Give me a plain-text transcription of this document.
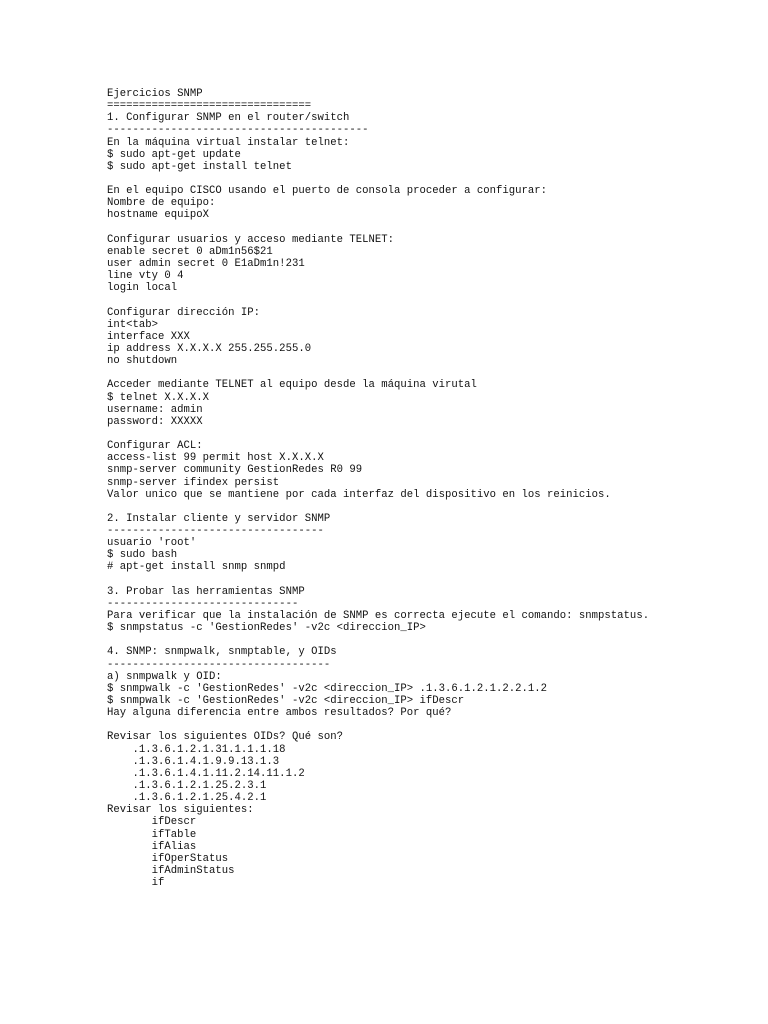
Ejercicios SNMP
================================
1. Configurar SNMP en el router/switch
-----------------------------------------
En la máquina virtual instalar telnet:
$ sudo apt-get update
$ sudo apt-get install telnet
En el equipo CISCO usando el puerto de consola proceder a configurar:
Nombre de equipo:
hostname equipoX
Configurar usuarios y acceso mediante TELNET:
enable secret 0 aDm1n56$21
user admin secret 0 E1aDm1n!231
line vty 0 4
login local
Configurar dirección IP:
int<tab>
interface XXX
ip address X.X.X.X 255.255.255.0
no shutdown
Acceder mediante TELNET al equipo desde la máquina virutal
$ telnet X.X.X.X
username: admin
password: XXXXX
Configurar ACL:
access-list 99 permit host X.X.X.X
snmp-server community GestionRedes R0 99
snmp-server ifindex persist
Valor unico que se mantiene por cada interfaz del dispositivo en los reinicios.
2. Instalar cliente y servidor SNMP
----------------------------------
usuario 'root'
$ sudo bash
# apt-get install snmp snmpd
3. Probar las herramientas SNMP
------------------------------
Para verificar que la instalación de SNMP es correcta ejecute el comando: snmpstatus.
$ snmpstatus -c 'GestionRedes' -v2c <direccion_IP>
4. SNMP: snmpwalk, snmptable, y OIDs
-----------------------------------
a) snmpwalk y OID:
$ snmpwalk -c 'GestionRedes' -v2c <direccion_IP> .1.3.6.1.2.1.2.2.1.2
$ snmpwalk -c 'GestionRedes' -v2c <direccion_IP> ifDescr
Hay alguna diferencia entre ambos resultados? Por qué?
Revisar los siguientes OIDs? Qué son?
.1.3.6.1.2.1.31.1.1.1.18
.1.3.6.1.4.1.9.9.13.1.3
.1.3.6.1.4.1.11.2.14.11.1.2
.1.3.6.1.2.1.25.2.3.1
.1.3.6.1.2.1.25.4.2.1
Revisar los siguientes:
ifDescr
ifTable
ifAlias
ifOperStatus
ifAdminStatus
if
